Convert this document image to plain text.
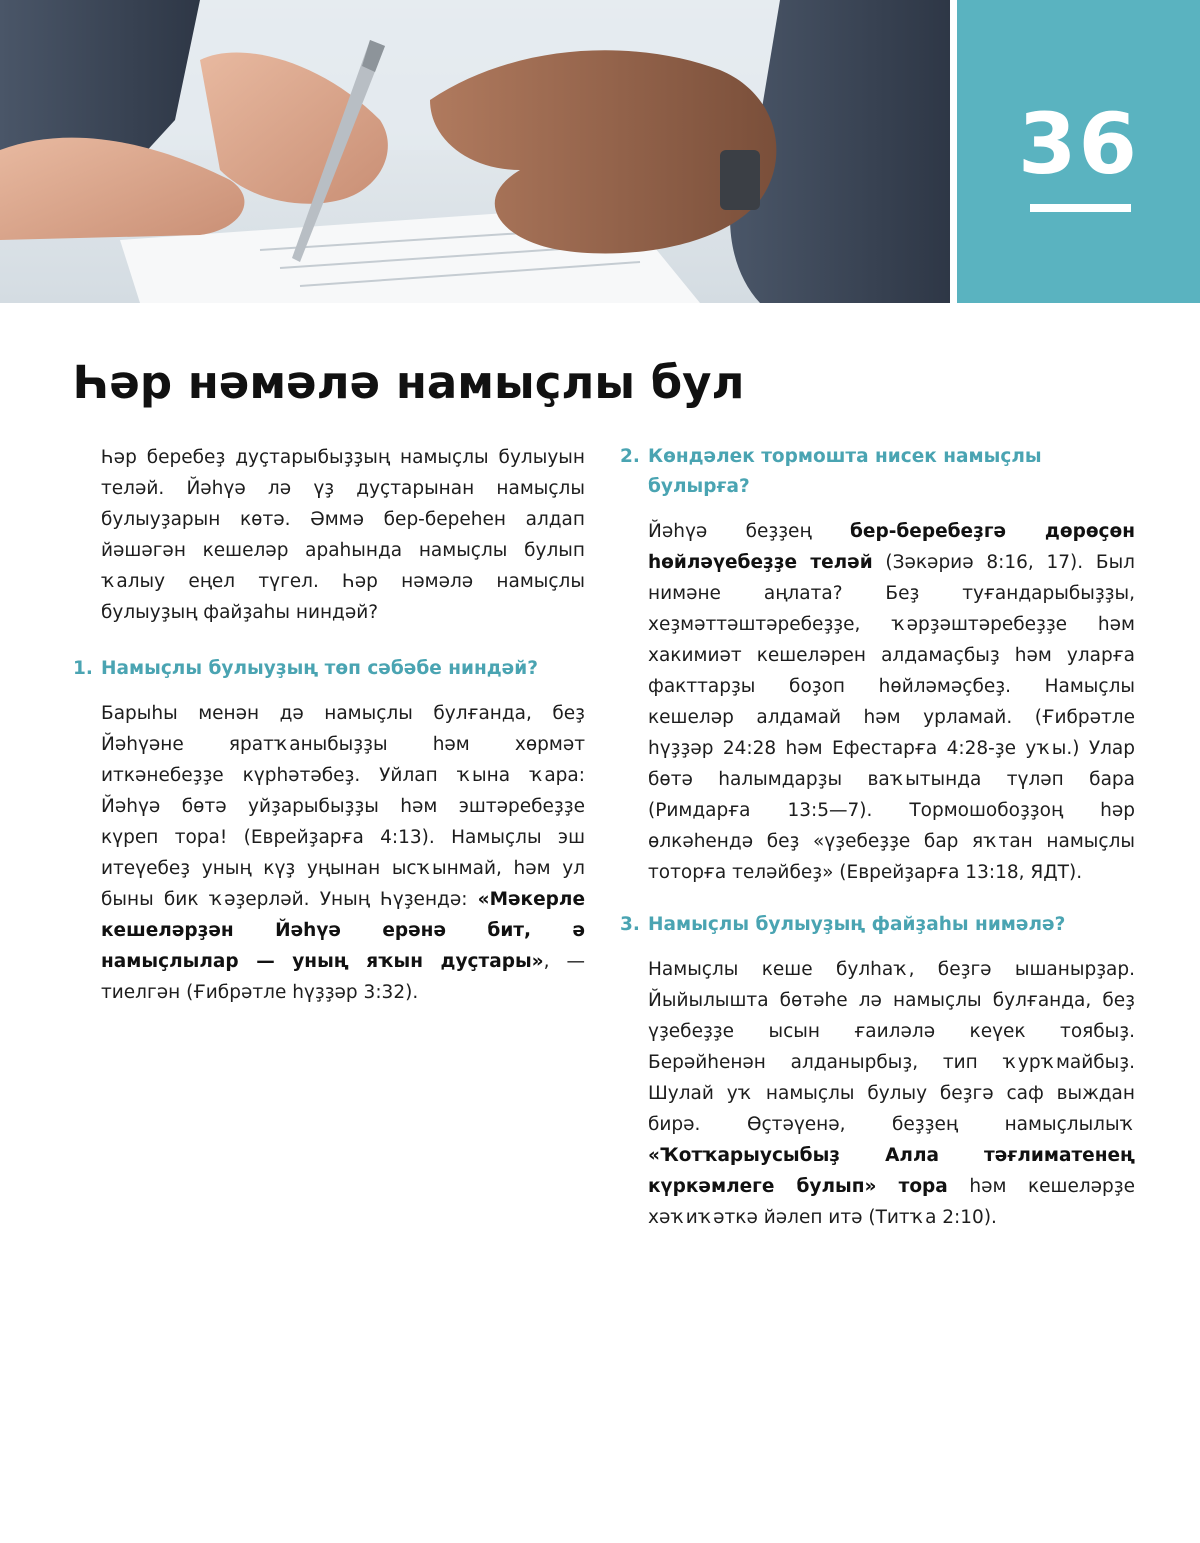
36
Һәр нәмәлә намыҫлы бул

Һәр беребеҙ дуҫтарыбыҙҙың намыҫлы булыуын теләй. Йәһүә лә үҙ дуҫтарынан намыҫлы булыуҙарын көтә. Әммә бер-береһен алдап йәшәгән кешеләр араһында намыҫлы булып ҡалыу еңел түгел. Һәр нәмәлә намыҫлы булыуҙың файҙаһы ниндәй?

1. Намыҫлы булыуҙың төп сәбәбе ниндәй?

Барыһы менән дә намыҫлы булғанда, беҙ Йәһүәне яратҡаныбыҙҙы һәм хөрмәт иткәнебеҙҙе күрһәтәбеҙ. Уйлап ҡына ҡара: Йәһүә бөтә уйҙарыбыҙҙы һәм эштәребеҙҙе күреп тора! (Еврейҙарға 4:13). Намыҫлы эш итеүебеҙ уның күҙ уңынан ысҡынмай, һәм ул быны бик ҡәҙерләй. Уның Һүҙендә: «Мәкерле кешеләрҙән Йәһүә ерәнә бит, ә намыҫлылар — уның яҡын дуҫтары», — тиелгән (Ғибрәтле һүҙҙәр 3:32).

2. Көндәлек тормошта нисек намыҫлы булырға?

Йәһүә беҙҙең бер-беребеҙгә дөрөҫөн һөйләүебеҙҙе теләй (Зәкәриә 8:16, 17). Был нимәне аңлата? Беҙ туғандарыбыҙҙы, хеҙмәттәштәребеҙҙе, ҡәрҙәштәребеҙҙе һәм хакимиәт кешеләрен алдамаҫбыҙ һәм уларға факттарҙы боҙоп һөйләмәҫбеҙ. Намыҫлы кешеләр алдамай һәм урламай. (Ғибрәтле һүҙҙәр 24:28 һәм Ефестарға 4:28-ҙе уҡы.) Улар бөтә һалымдарҙы ваҡытында түләп бара (Римдарға 13:5—7). Тормошобоҙҙоң һәр өлкәһендә беҙ «үҙебеҙҙе бар яҡтан намыҫлы тоторға теләйбеҙ» (Еврейҙарға 13:18, ЯДТ).

3. Намыҫлы булыуҙың файҙаһы нимәлә?

Намыҫлы кеше булһаҡ, беҙгә ышанырҙар. Йыйылышта бөтәһе лә намыҫлы булғанда, беҙ үҙебеҙҙе ысын ғаиләлә кеүек тоябыҙ. Берәйһенән алданырбыҙ, тип ҡурҡмайбыҙ. Шулай уҡ намыҫлы булыу беҙгә саф выждан бирә. Өҫтәүенә, беҙҙең намыҫлылыҡ «Ҡотҡарыусыбыҙ Алла тәғлиматенең күркәмлеге булып» тора һәм кешеләрҙе хәҡиҡәткә йәлеп итә (Титҡа 2:10).
